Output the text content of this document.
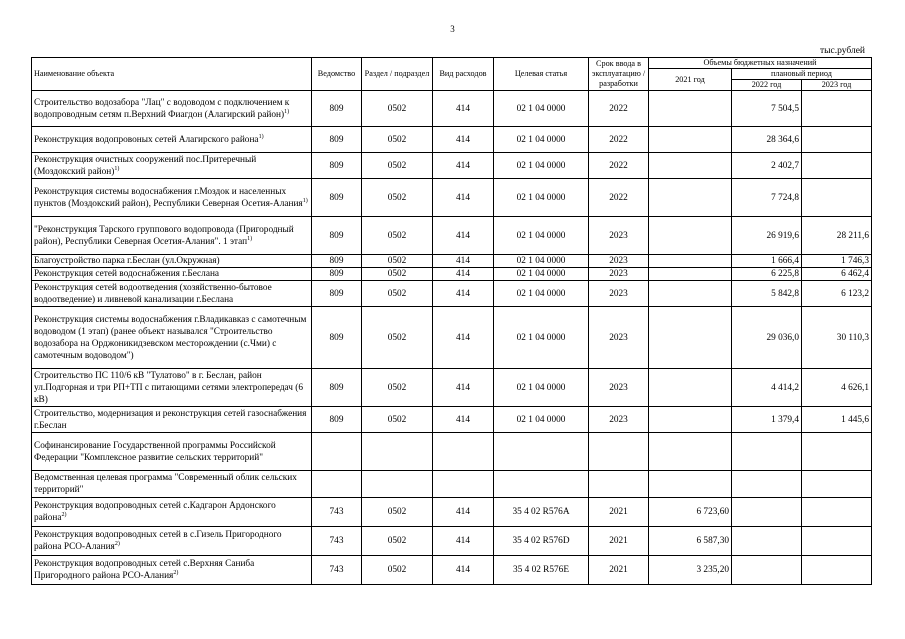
3
тыс.рублей
Наименование объекта	Ведомство	Раздел / подраздел	Вид расходов	Целевая статья	Срок ввода в эксплуатацию / разработки	Объемы бюджетных назначений		
						2021 год	плановый период	
							2022 год	2023 год
Строительство водозабора "Лац" с водоводом с подключением к водопроводным сетям п.Верхний Фиагдон (Алагирский район)$^{1)}$	809	0502	414	02 1 04 0000	2022		7 504,5	
Реконструкция водопровоных сетей Алагирского района$^{1)}$	809	0502	414	02 1 04 0000	2022		28 364,6	
Реконструкция очистных сооружений пос.Притеречный (Моздокский район)$^{1)}$	809	0502	414	02 1 04 0000	2022		2 402,7	
Реконструкция системы водоснабжения г.Моздок и населенных пунктов (Моздокский район), Республики Северная Осетия-Алания$^{1)}$	809	0502	414	02 1 04 0000	2022		7 724,8	
"Реконструкция Тарского группового водопровода (Пригородный район), Республики Северная Осетия-Алания". 1 этап$^{1)}$	809	0502	414	02 1 04 0000	2023		26 919,6	28 211,6
Благоустройство парка г.Беслан (ул.Окружная)	809	0502	414	02 1 04 0000	2023		1 666,4	1 746,3
Реконструкция сетей водоснабжения г.Беслана	809	0502	414	02 1 04 0000	2023		6 225,8	6 462,4
Реконструкция сетей водоотведения (хозяйственно-бытовое водоотведение) и ливневой канализации г.Беслана	809	0502	414	02 1 04 0000	2023		5 842,8	6 123,2
Реконструкция системы водоснабжения г.Владикавказ с самотечным водоводом (1 этап) (ранее объект назывался "Строительство водозабора на Орджоникидзевском месторождении (с.Чми) с самотечным водоводом")	809	0502	414	02 1 04 0000	2023		29 036,0	30 110,3
Строительство ПС 110/6 кВ "Тулатово" в г. Беслан, район ул.Подгорная и три РП+ТП с питающими сетями электропередач (6 кВ)	809	0502	414	02 1 04 0000	2023		4 414,2	4 626,1
Строительство, модернизация и реконструкция сетей газоснабжения г.Беслан	809	0502	414	02 1 04 0000	2023		1 379,4	1 445,6
Софинансирование Государственной программы Российской Федерации "Комплексное развитие сельских территорий"								
Ведомственная целевая программа "Современный облик сельских территорий"								
Реконструкция водопроводных сетей с.Кадгарон Ардонского района$^{2)}$	743	0502	414	35 4 02 R576A	2021	6 723,60		
Реконструкция водопроводных сетей в с.Гизель Пригородного района РСО-Алания$^{2)}$	743	0502	414	35 4 02 R576D	2021	6 587,30		
Реконструкция водопроводных сетей с.Верхняя Саниба Пригородного района РСО-Алания$^{2)}$	743	0502	414	35 4 02 R576E	2021	3 235,20		
